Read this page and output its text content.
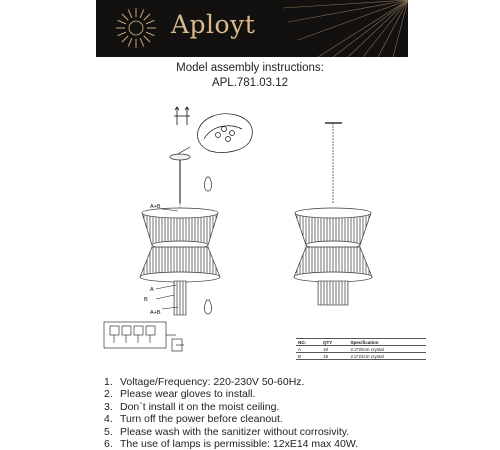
Aployt
Model assembly instructions:
APL.781.03.12
A+B
A
B
A+B
NO.	QTY	Specification
A	18	2.2*20cm crystal
B	18	2.2*22cm crystal
1. Voltage/Frequency: 220-230V 50-60Hz.
2. Please wear gloves to install.
3. Don`t install it on the moist ceiling.
4. Turn off the power before cleanout.
5. Please wash with the sanitizer without corrosivity.
6. The use of lamps is permissible: 12xE14 max 40W.
